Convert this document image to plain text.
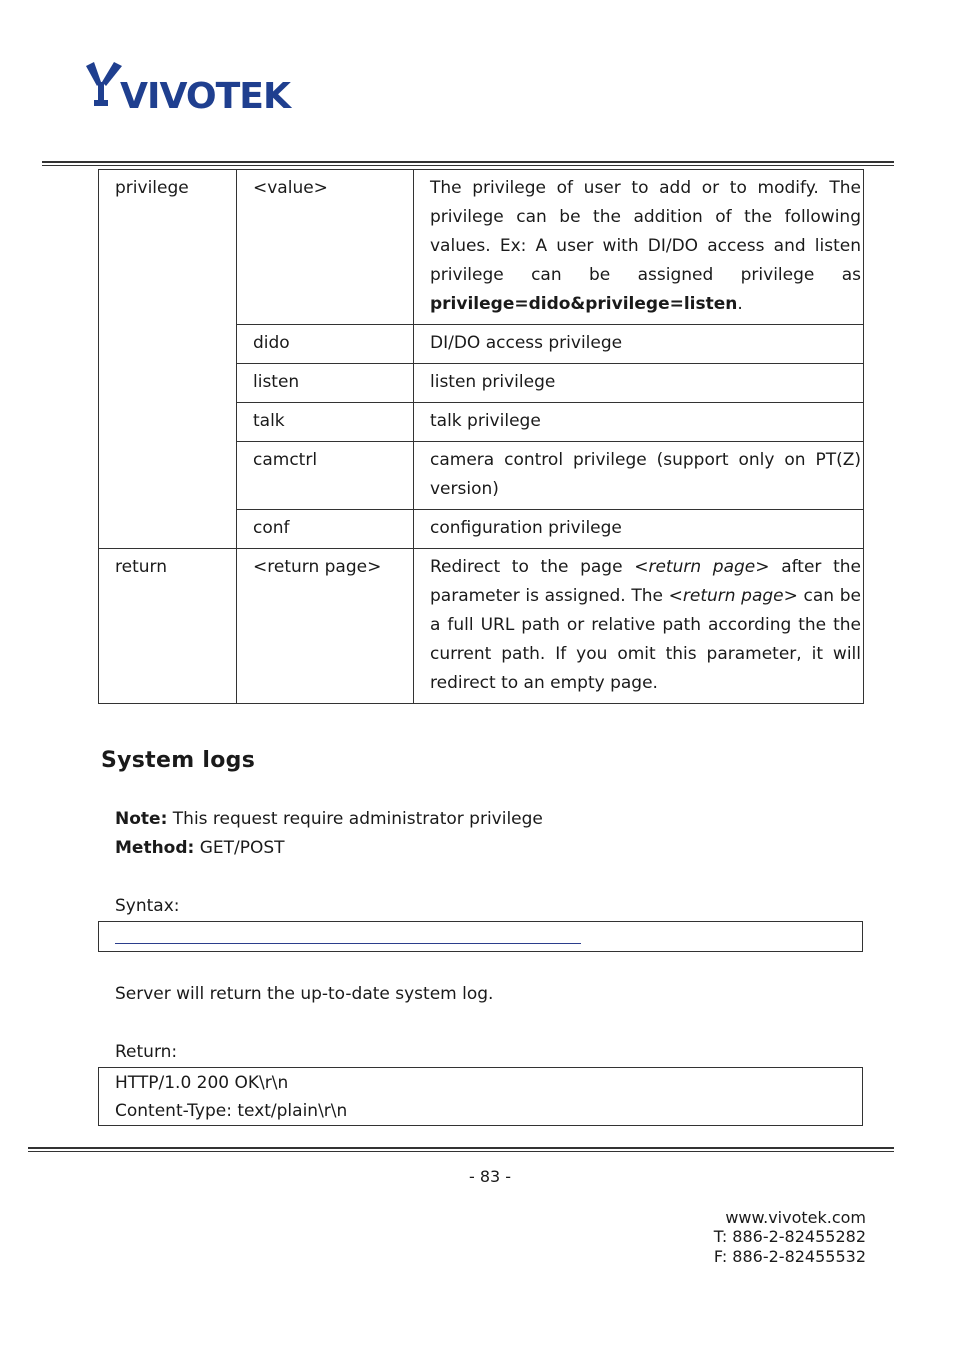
VIVOTEK
privilege	<value>	The privilege of user to add or to modify. The privilege can be the addition of the following values. Ex: A user with DI/DO access and listen privilege can be assigned privilege as privilege=dido&privilege=listen.
	dido	DI/DO access privilege
	listen	listen privilege
	talk	talk privilege
	camctrl	camera control privilege (support only on PT(Z) version)
	conf	configuration privilege
return	<return page>	Redirect to the page <return page> after the parameter is assigned. The <return page> can be a full URL path or relative path according the the current path. If you omit this parameter, it will redirect to an empty page.
System logs
Note: This request require administrator privilege
Method: GET/POST
Syntax:
Server will return the up-to-date system log.
Return:
HTTP/1.0 200 OK\r\n
Content-Type: text/plain\r\n
- 83 -
www.vivotek.com
T: 886-2-82455282
F: 886-2-82455532
